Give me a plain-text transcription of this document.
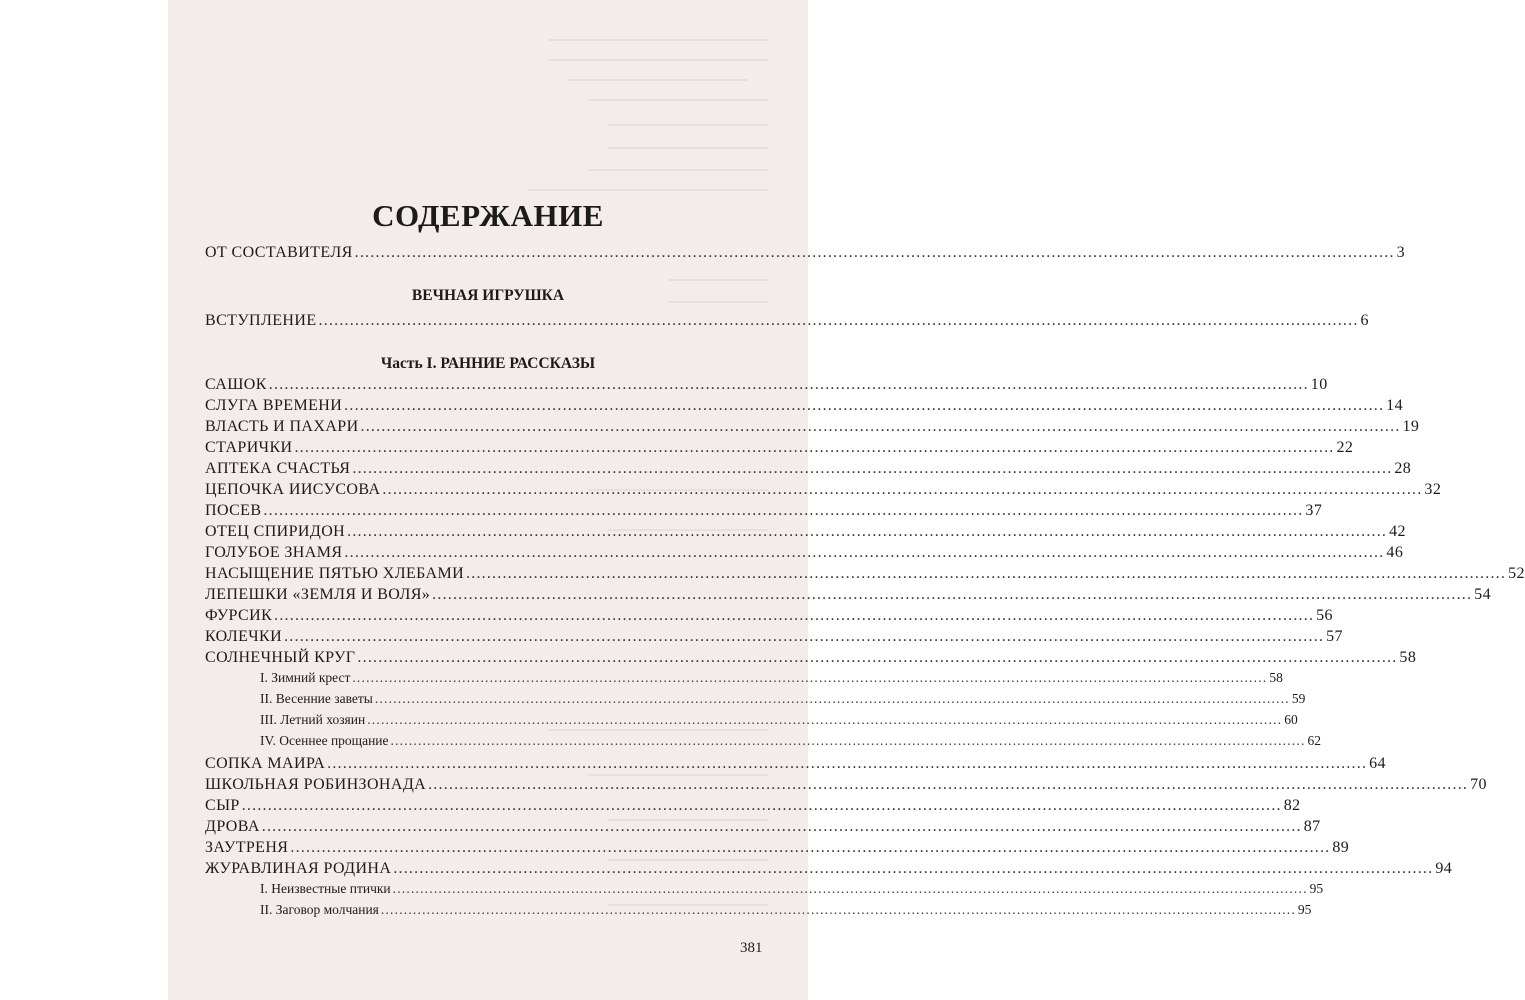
СОДЕРЖАНИЕ
ОТ СОСТАВИТЕЛЯ ........................................................................................................................................................................................................ 3
ВСТУПЛЕНИЕ ........................................................................................................................................................................................................ 6
САШОК ........................................................................................................................................................................................................ 10
СЛУГА ВРЕМЕНИ ........................................................................................................................................................................................................ 14
ВЛАСТЬ И ПАХАРИ ........................................................................................................................................................................................................ 19
СТАРИЧКИ ........................................................................................................................................................................................................ 22
АПТЕКА СЧАСТЬЯ ........................................................................................................................................................................................................ 28
ЦЕПОЧКА ИИСУСОВА ........................................................................................................................................................................................................ 32
ПОСЕВ ........................................................................................................................................................................................................ 37
ОТЕЦ СПИРИДОН ........................................................................................................................................................................................................ 42
ГОЛУБОЕ ЗНАМЯ ........................................................................................................................................................................................................ 46
НАСЫЩЕНИЕ ПЯТЬЮ ХЛЕБАМИ ........................................................................................................................................................................................................ 52
ЛЕПЕШКИ «ЗЕМЛЯ И ВОЛЯ» ........................................................................................................................................................................................................ 54
ФУРСИК ........................................................................................................................................................................................................ 56
КОЛЕЧКИ ........................................................................................................................................................................................................ 57
СОЛНЕЧНЫЙ КРУГ ........................................................................................................................................................................................................ 58
I. Зимний крест ........................................................................................................................................................................................................ 58
II. Весенние заветы ........................................................................................................................................................................................................ 59
III. Летний хозяин ........................................................................................................................................................................................................ 60
IV. Осеннее прощание ........................................................................................................................................................................................................ 62
СОПКА МАИРА ........................................................................................................................................................................................................ 64
ШКОЛЬНАЯ РОБИНЗОНАДА ........................................................................................................................................................................................................ 70
СЫР ........................................................................................................................................................................................................ 82
ДРОВА ........................................................................................................................................................................................................ 87
ЗАУТРЕНЯ ........................................................................................................................................................................................................ 89
ЖУРАВЛИНАЯ РОДИНА ........................................................................................................................................................................................................ 94
I. Неизвестные птички ........................................................................................................................................................................................................ 95
II. Заговор молчания ........................................................................................................................................................................................................ 95
ВЕЧНАЯ ИГРУШКА
Часть I. РАННИЕ РАССКАЗЫ
381
